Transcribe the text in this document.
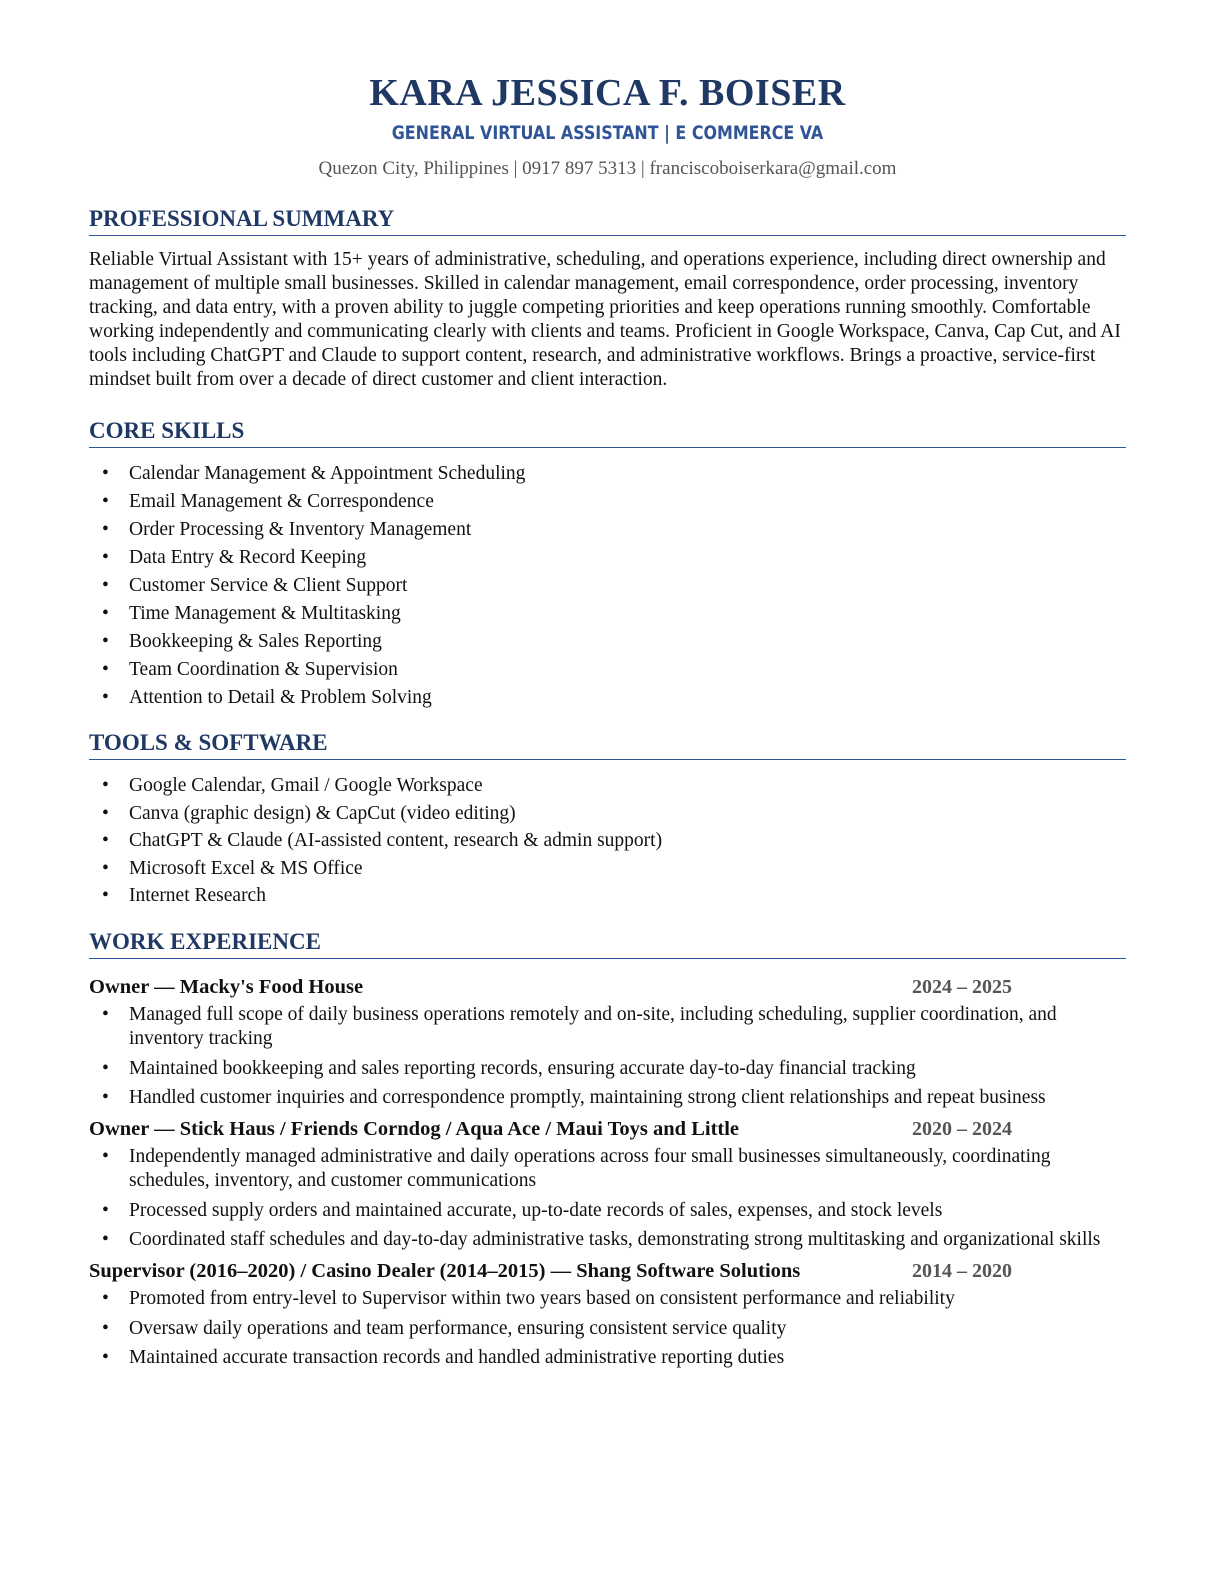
KARA JESSICA F. BOISER
GENERAL VIRTUAL ASSISTANT | E COMMERCE VA
Quezon City, Philippines | 0917 897 5313 | franciscoboiserkara@gmail.com
PROFESSIONAL SUMMARY

Reliable Virtual Assistant with 15+ years of administrative, scheduling, and operations experience, including direct ownership and management of multiple small businesses. Skilled in calendar management, email correspondence, order processing, inventory tracking, and data entry, with a proven ability to juggle competing priorities and keep operations running smoothly. Comfortable working independently and communicating clearly with clients and teams. Proficient in Google Workspace, Canva, Cap Cut, and AI tools including ChatGPT and Claude to support content, research, and administrative workflows. Brings a proactive, service-first mindset built from over a decade of direct customer and client interaction.

CORE SKILLS
• Calendar Management & Appointment Scheduling
• Email Management & Correspondence
• Order Processing & Inventory Management
• Data Entry & Record Keeping
• Customer Service & Client Support
• Time Management & Multitasking
• Bookkeeping & Sales Reporting
• Team Coordination & Supervision
• Attention to Detail & Problem Solving
TOOLS & SOFTWARE
• Google Calendar, Gmail / Google Workspace
• Canva (graphic design) & CapCut (video editing)
• ChatGPT & Claude (AI-assisted content, research & admin support)
• Microsoft Excel & MS Office
• Internet Research
WORK EXPERIENCE
Owner — Macky's Food House	2024 – 2025
• Managed full scope of daily business operations remotely and on-site, including scheduling, supplier coordination, and inventory tracking
• Maintained bookkeeping and sales reporting records, ensuring accurate day-to-day financial tracking
• Handled customer inquiries and correspondence promptly, maintaining strong client relationships and repeat business
Owner — Stick Haus / Friends Corndog / Aqua Ace / Maui Toys and Little	2020 – 2024
• Independently managed administrative and daily operations across four small businesses simultaneously, coordinating schedules, inventory, and customer communications
• Processed supply orders and maintained accurate, up-to-date records of sales, expenses, and stock levels
• Coordinated staff schedules and day-to-day administrative tasks, demonstrating strong multitasking and organizational skills
Supervisor (2016–2020) / Casino Dealer (2014–2015) — Shang Software Solutions	2014 – 2020
• Promoted from entry-level to Supervisor within two years based on consistent performance and reliability
• Oversaw daily operations and team performance, ensuring consistent service quality
• Maintained accurate transaction records and handled administrative reporting duties
